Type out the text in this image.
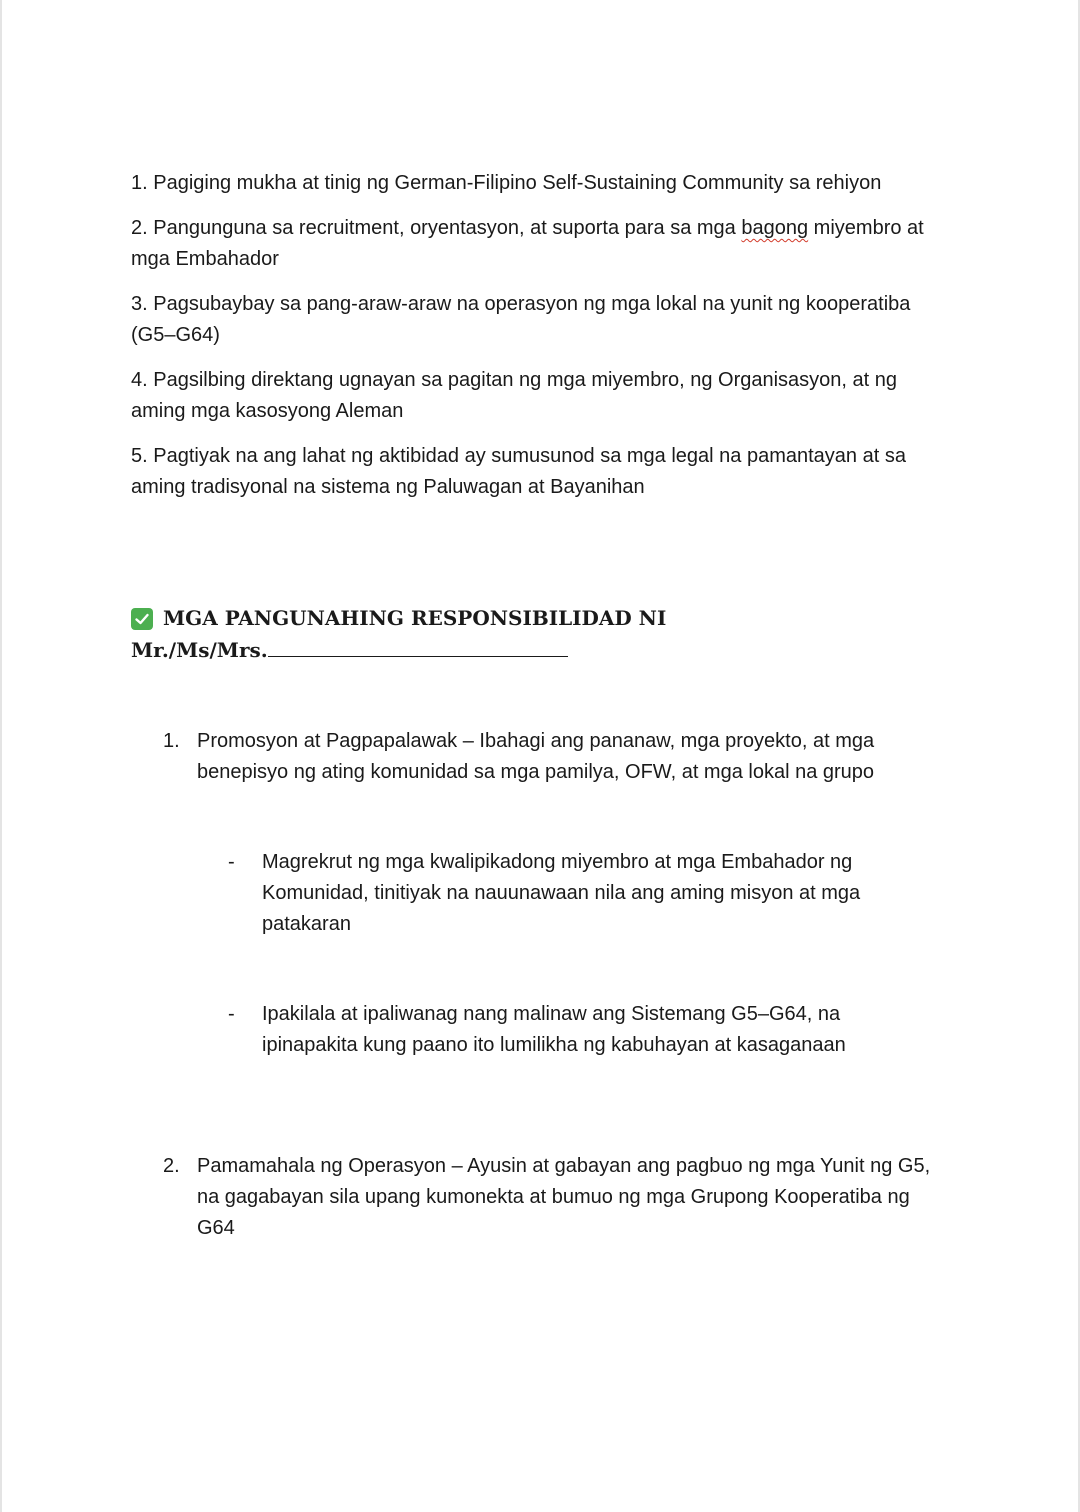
1. Pagiging mukha at tinig ng German-Filipino Self-Sustaining Community sa rehiyon

2. Pangunguna sa recruitment, oryentasyon, at suporta para sa mga bagong miyembro at mga Embahador

3. Pagsubaybay sa pang-araw-araw na operasyon ng mga lokal na yunit ng kooperatiba (G5–G64)

4. Pagsilbing direktang ugnayan sa pagitan ng mga miyembro, ng Organisasyon, at ng aming mga kasosyong Aleman

5. Pagtiyak na ang lahat ng aktibidad ay sumusunod sa mga legal na pamantayan at sa aming tradisyonal na sistema ng Paluwagan at Bayanihan

MGA PANGUNAHING RESPONSIBILIDAD NI
Mr./Ms/Mrs.
1. Promosyon at Pagpapalawak – Ibahagi ang pananaw, mga proyekto, at mga benepisyo ng ating komunidad sa mga pamilya, OFW, at mga lokal na grupo
-	Magrekrut ng mga kwalipikadong miyembro at mga Embahador ng Komunidad, tinitiyak na nauunawaan nila ang aming misyon at mga patakaran
-	Ipakilala at ipaliwanag nang malinaw ang Sistemang G5–G64, na ipinapakita kung paano ito lumilikha ng kabuhayan at kasaganaan
2. Pamamahala ng Operasyon – Ayusin at gabayan ang pagbuo ng mga Yunit ng G5, na gagabayan sila upang kumonekta at bumuo ng mga Grupong Kooperatiba ng G64
